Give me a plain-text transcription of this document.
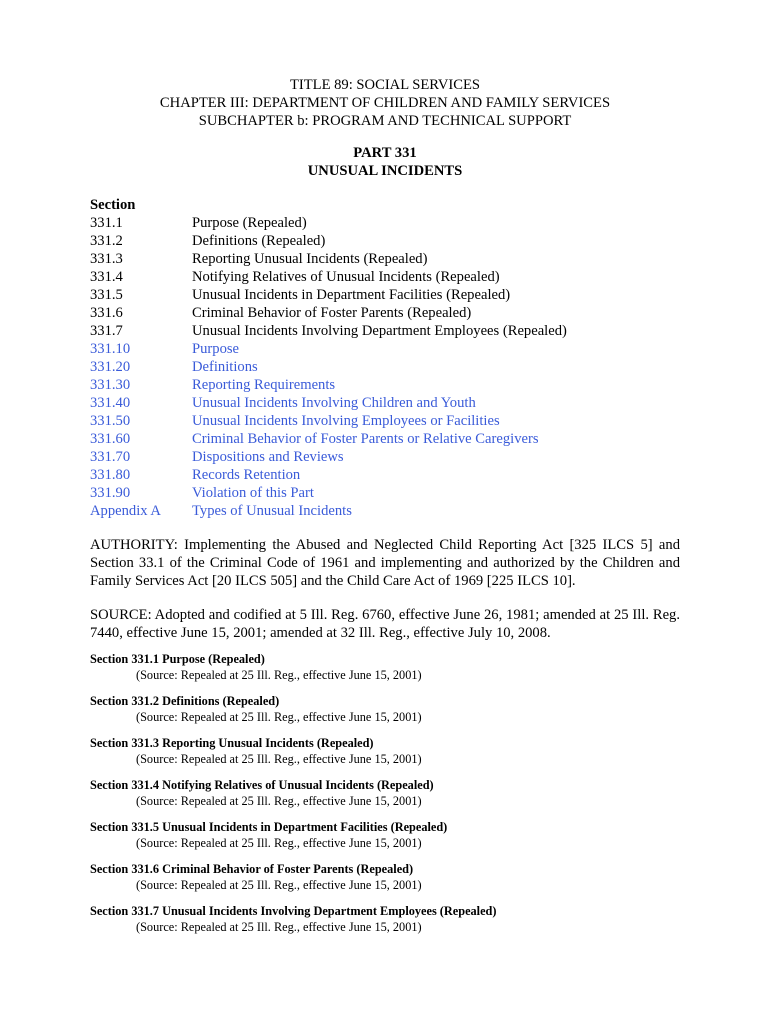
TITLE 89: SOCIAL SERVICES
CHAPTER III: DEPARTMENT OF CHILDREN AND FAMILY SERVICES
SUBCHAPTER b: PROGRAM AND TECHNICAL SUPPORT
PART 331
UNUSUAL INCIDENTS
Section
331.1	Purpose (Repealed)
331.2	Definitions (Repealed)
331.3	Reporting Unusual Incidents (Repealed)
331.4	Notifying Relatives of Unusual Incidents (Repealed)
331.5	Unusual Incidents in Department Facilities (Repealed)
331.6	Criminal Behavior of Foster Parents (Repealed)
331.7	Unusual Incidents Involving Department Employees (Repealed)
331.10	Purpose
331.20	Definitions
331.30	Reporting Requirements
331.40	Unusual Incidents Involving Children and Youth
331.50	Unusual Incidents Involving Employees or Facilities
331.60	Criminal Behavior of Foster Parents or Relative Caregivers
331.70	Dispositions and Reviews
331.80	Records Retention
331.90	Violation of this Part
Appendix A	Types of Unusual Incidents
AUTHORITY: Implementing the Abused and Neglected Child Reporting Act [325 ILCS 5] and Section 33.1 of the Criminal Code of 1961 and implementing and authorized by the Children and Family Services Act [20 ILCS 505] and the Child Care Act of 1969 [225 ILCS 10].
SOURCE: Adopted and codified at 5 Ill. Reg. 6760, effective June 26, 1981; amended at 25 Ill. Reg. 7440, effective June 15, 2001; amended at 32 Ill. Reg., effective July 10, 2008.
Section 331.1 Purpose (Repealed)
(Source: Repealed at 25 Ill. Reg., effective June 15, 2001)
Section 331.2 Definitions (Repealed)
(Source: Repealed at 25 Ill. Reg., effective June 15, 2001)
Section 331.3 Reporting Unusual Incidents (Repealed)
(Source: Repealed at 25 Ill. Reg., effective June 15, 2001)
Section 331.4 Notifying Relatives of Unusual Incidents (Repealed)
(Source: Repealed at 25 Ill. Reg., effective June 15, 2001)
Section 331.5 Unusual Incidents in Department Facilities (Repealed)
(Source: Repealed at 25 Ill. Reg., effective June 15, 2001)
Section 331.6 Criminal Behavior of Foster Parents (Repealed)
(Source: Repealed at 25 Ill. Reg., effective June 15, 2001)
Section 331.7 Unusual Incidents Involving Department Employees (Repealed)
(Source: Repealed at 25 Ill. Reg., effective June 15, 2001)
